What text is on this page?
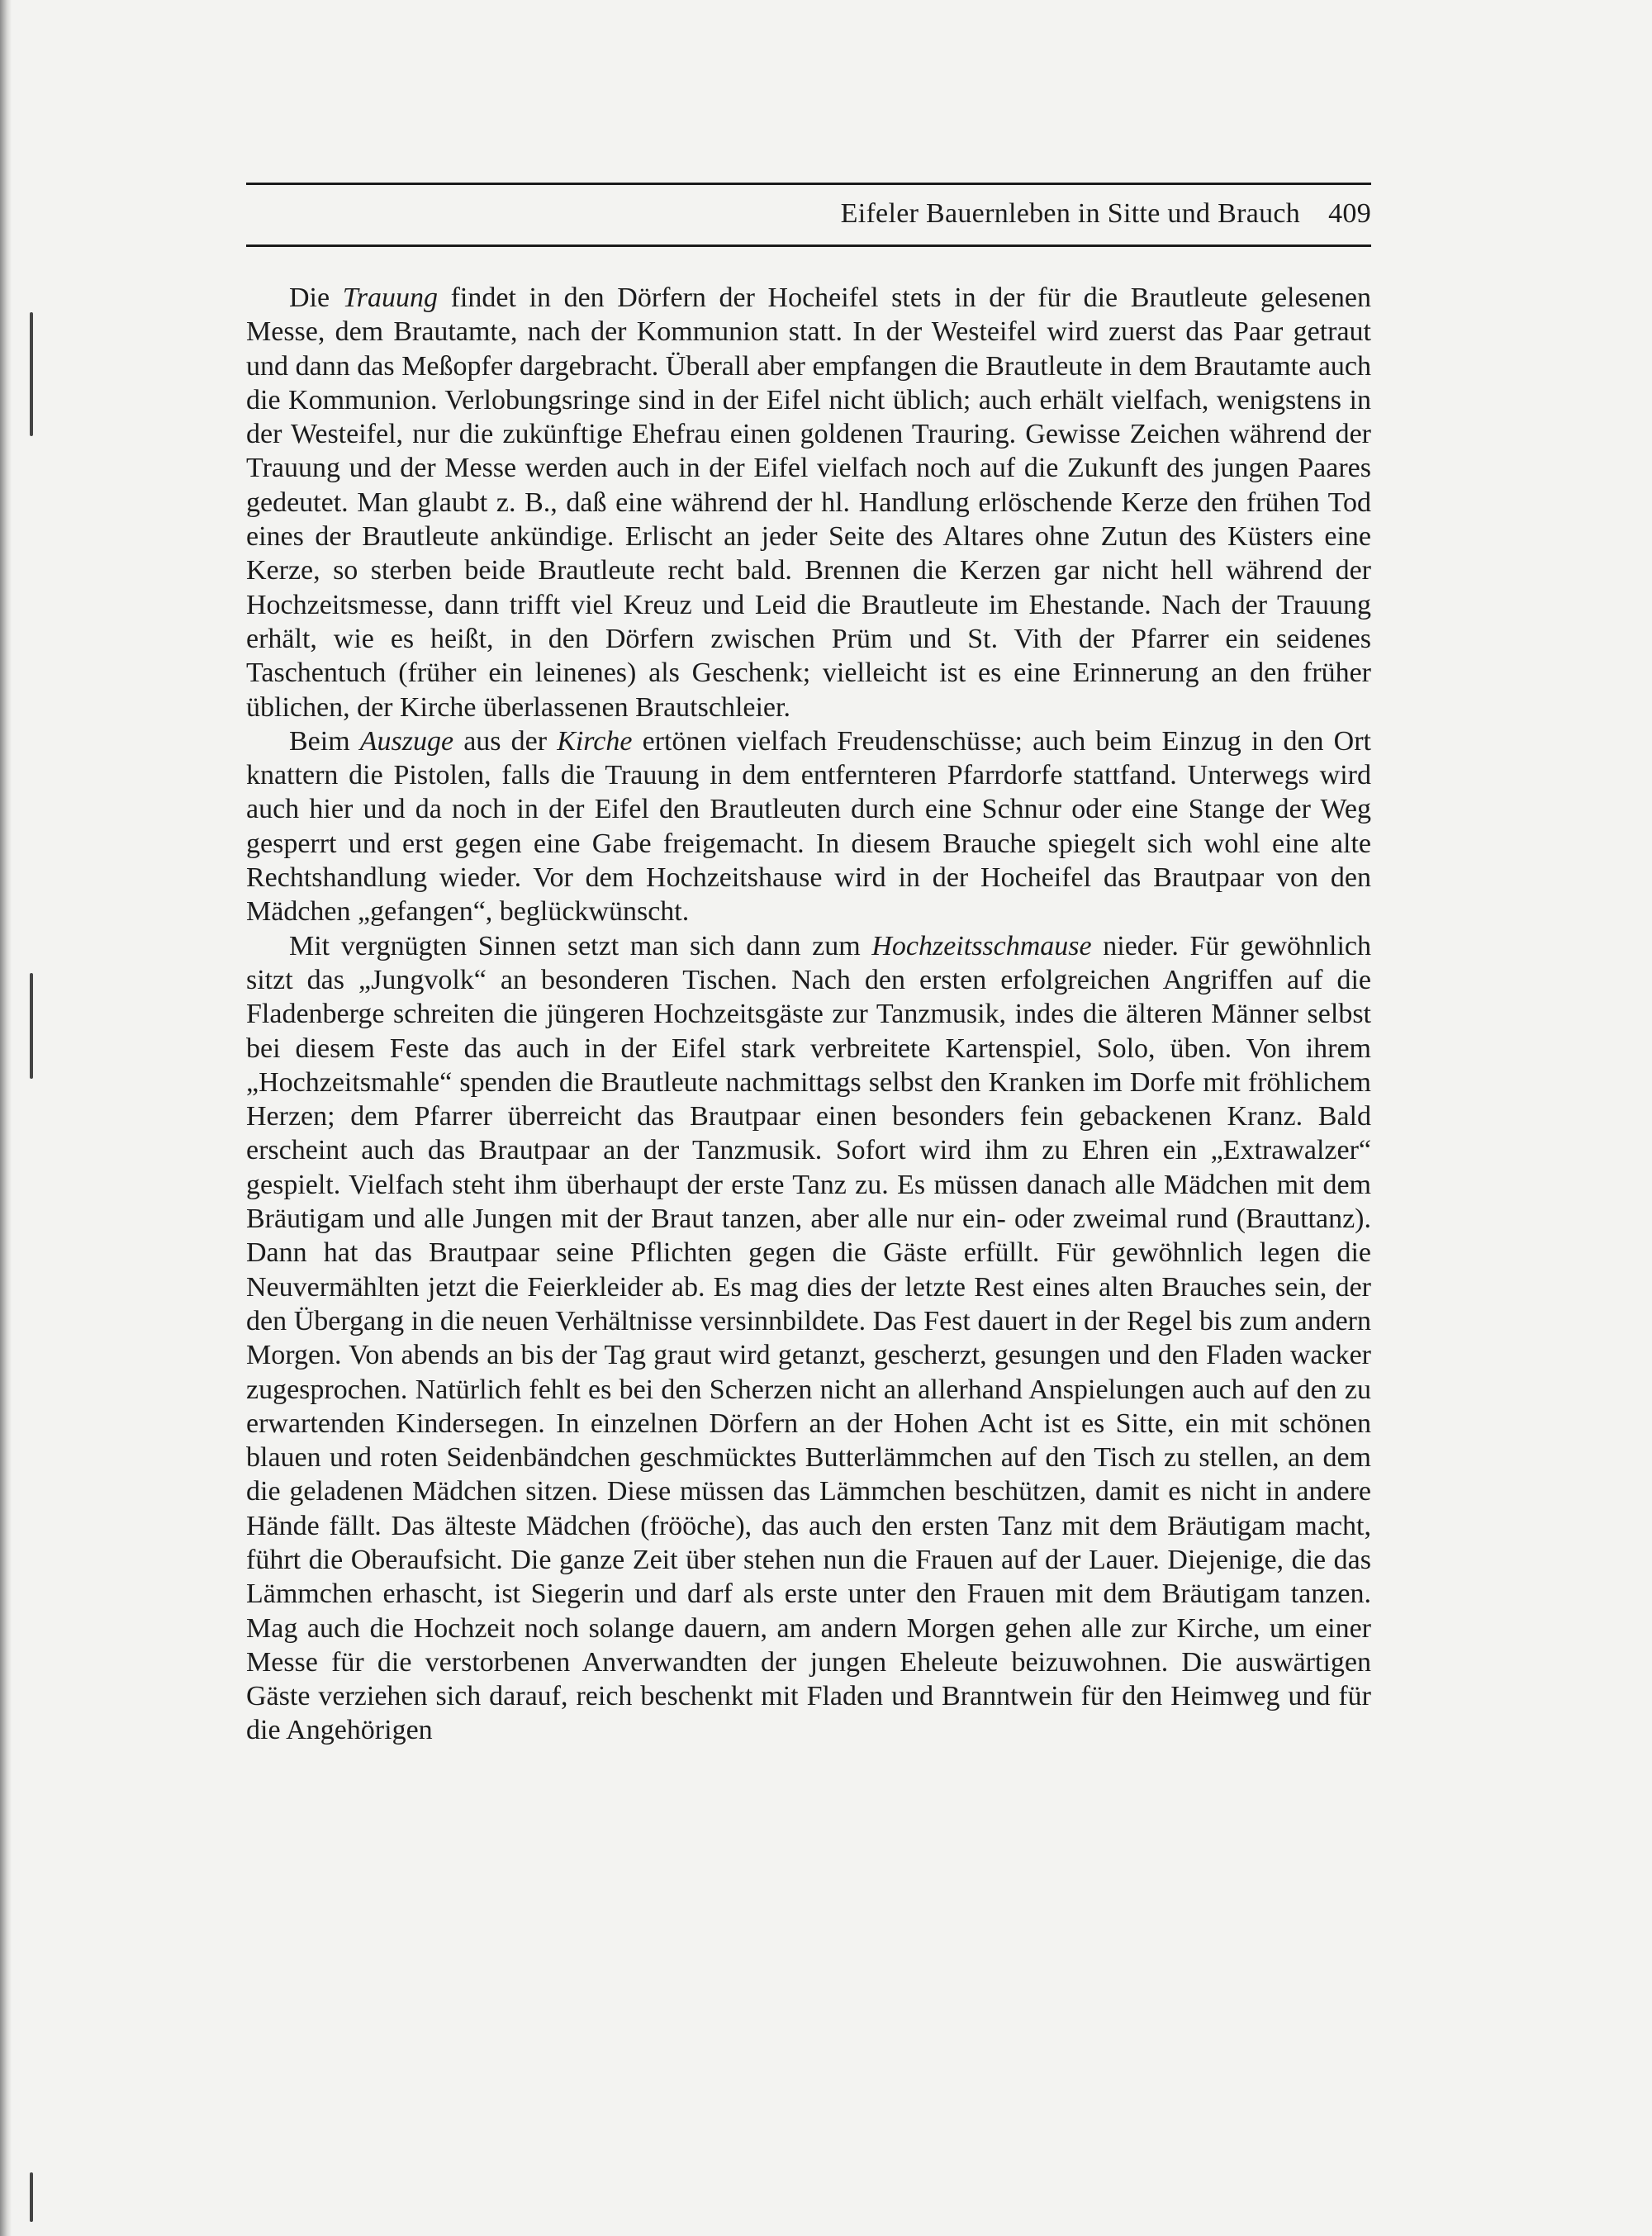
Eifeler Bauernleben in Sitte und Brauch 409

Die Trauung findet in den Dörfern der Hocheifel stets in der für die Brautleute gelesenen Messe, dem Brautamte, nach der Kommunion statt. In der Westeifel wird zuerst das Paar getraut und dann das Meßopfer dargebracht. Überall aber empfangen die Brautleute in dem Brautamte auch die Kommunion. Verlobungsringe sind in der Eifel nicht üblich; auch erhält vielfach, wenigstens in der Westeifel, nur die zukünftige Ehefrau einen goldenen Trauring. Gewisse Zeichen während der Trauung und der Messe werden auch in der Eifel vielfach noch auf die Zukunft des jungen Paares gedeutet. Man glaubt z. B., daß eine während der hl. Handlung erlöschende Kerze den frühen Tod eines der Brautleute ankündige. Erlischt an jeder Seite des Altares ohne Zutun des Küsters eine Kerze, so sterben beide Brautleute recht bald. Brennen die Kerzen gar nicht hell während der Hochzeitsmesse, dann trifft viel Kreuz und Leid die Brautleute im Ehestande. Nach der Trauung erhält, wie es heißt, in den Dörfern zwischen Prüm und St. Vith der Pfarrer ein seidenes Taschentuch (früher ein leinenes) als Geschenk; vielleicht ist es eine Erinnerung an den früher üblichen, der Kirche überlassenen Brautschleier.

Beim Auszuge aus der Kirche ertönen vielfach Freudenschüsse; auch beim Einzug in den Ort knattern die Pistolen, falls die Trauung in dem entfernteren Pfarrdorfe stattfand. Unterwegs wird auch hier und da noch in der Eifel den Brautleuten durch eine Schnur oder eine Stange der Weg gesperrt und erst gegen eine Gabe freigemacht. In diesem Brauche spiegelt sich wohl eine alte Rechtshandlung wieder. Vor dem Hochzeitshause wird in der Hocheifel das Brautpaar von den Mädchen „gefangen“, beglückwünscht.

Mit vergnügten Sinnen setzt man sich dann zum Hochzeitsschmause nieder. Für gewöhnlich sitzt das „Jungvolk“ an besonderen Tischen. Nach den ersten erfolgreichen Angriffen auf die Fladenberge schreiten die jüngeren Hochzeitsgäste zur Tanzmusik, indes die älteren Männer selbst bei diesem Feste das auch in der Eifel stark verbreitete Kartenspiel, Solo, üben. Von ihrem „Hochzeitsmahle“ spenden die Brautleute nachmittags selbst den Kranken im Dorfe mit fröhlichem Herzen; dem Pfarrer überreicht das Brautpaar einen besonders fein gebackenen Kranz. Bald erscheint auch das Brautpaar an der Tanzmusik. Sofort wird ihm zu Ehren ein „Extrawalzer“ gespielt. Vielfach steht ihm überhaupt der erste Tanz zu. Es müssen danach alle Mädchen mit dem Bräutigam und alle Jungen mit der Braut tanzen, aber alle nur ein- oder zweimal rund (Brauttanz). Dann hat das Brautpaar seine Pflichten gegen die Gäste erfüllt. Für gewöhnlich legen die Neuvermählten jetzt die Feierkleider ab. Es mag dies der letzte Rest eines alten Brauches sein, der den Übergang in die neuen Verhältnisse versinnbildete. Das Fest dauert in der Regel bis zum andern Morgen. Von abends an bis der Tag graut wird getanzt, gescherzt, gesungen und den Fladen wacker zugesprochen. Natürlich fehlt es bei den Scherzen nicht an allerhand Anspielungen auch auf den zu erwartenden Kindersegen. In einzelnen Dörfern an der Hohen Acht ist es Sitte, ein mit schönen blauen und roten Seidenbändchen geschmücktes Butterlämmchen auf den Tisch zu stellen, an dem die geladenen Mädchen sitzen. Diese müssen das Lämmchen beschützen, damit es nicht in andere Hände fällt. Das älteste Mädchen (frööche), das auch den ersten Tanz mit dem Bräutigam macht, führt die Oberaufsicht. Die ganze Zeit über stehen nun die Frauen auf der Lauer. Diejenige, die das Lämmchen erhascht, ist Siegerin und darf als erste unter den Frauen mit dem Bräutigam tanzen. Mag auch die Hochzeit noch solange dauern, am andern Morgen gehen alle zur Kirche, um einer Messe für die verstorbenen Anverwandten der jungen Eheleute beizuwohnen. Die auswärtigen Gäste verziehen sich darauf, reich beschenkt mit Fladen und Branntwein für den Heimweg und für die Angehörigen
